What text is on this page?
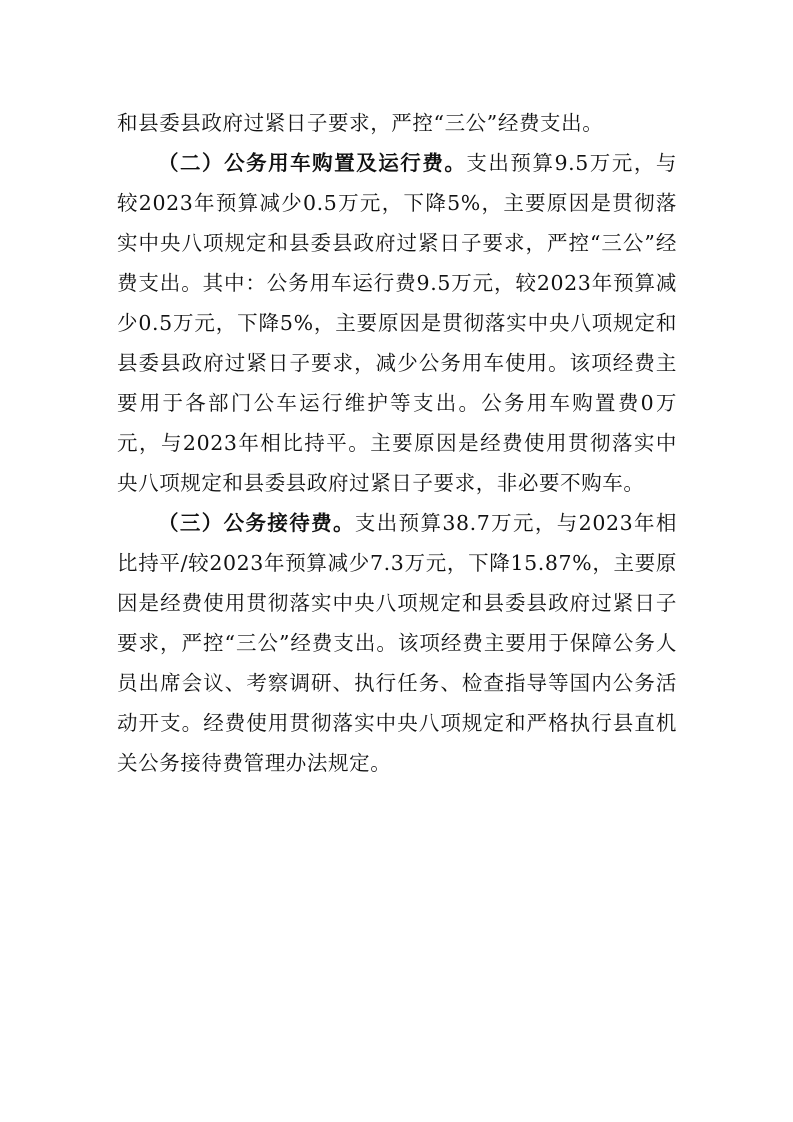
和县委县政府过紧日子要求，严控“三公”经费支出。

（二）公务用车购置及运行费。支出预算9.5万元，与较2023年预算减少0.5万元，下降5%，主要原因是贯彻落实中央八项规定和县委县政府过紧日子要求，严控“三公”经费支出。其中：公务用车运行费9.5万元，较2023年预算减少0.5万元，下降5%，主要原因是贯彻落实中央八项规定和县委县政府过紧日子要求，减少公务用车使用。该项经费主要用于各部门公车运行维护等支出。公务用车购置费0万元，与2023年相比持平。主要原因是经费使用贯彻落实中央八项规定和县委县政府过紧日子要求，非必要不购车。

（三）公务接待费。支出预算38.7万元，与2023年相比持平/较2023年预算减少7.3万元，下降15.87%，主要原因是经费使用贯彻落实中央八项规定和县委县政府过紧日子要求，严控“三公”经费支出。该项经费主要用于保障公务人员出席会议、考察调研、执行任务、检查指导等国内公务活动开支。经费使用贯彻落实中央八项规定和严格执行县直机关公务接待费管理办法规定。
